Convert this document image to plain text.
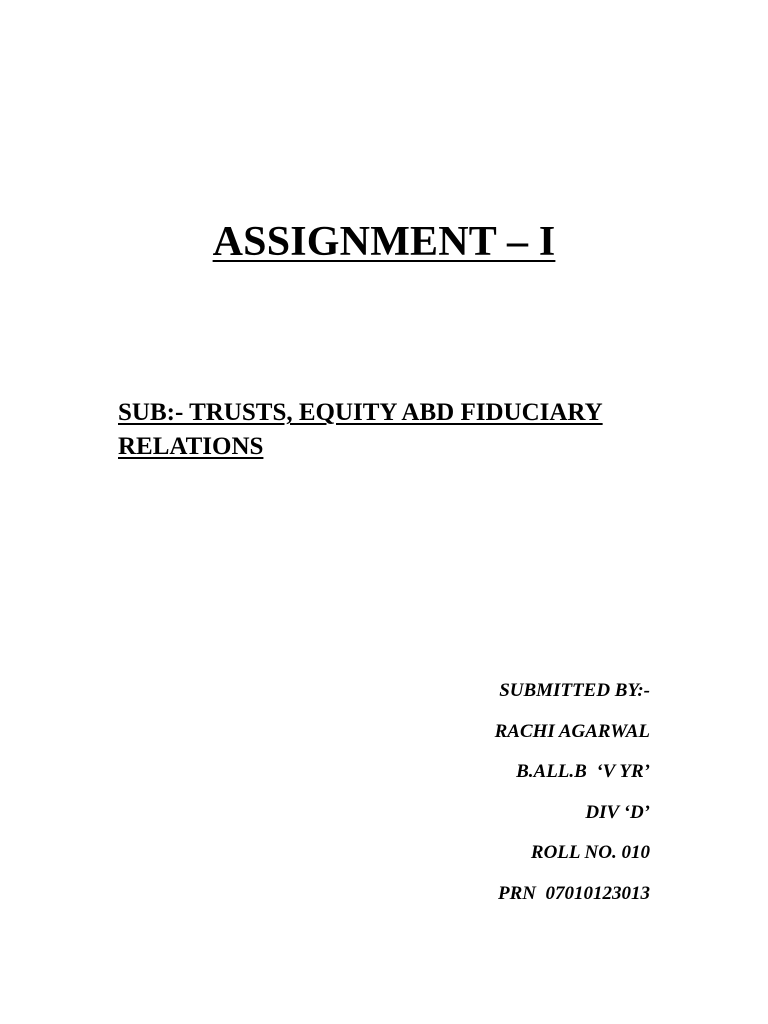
ASSIGNMENT – I
SUB:- TRUSTS, EQUITY ABD FIDUCIARY
RELATIONS
SUBMITTED BY:-
RACHI AGARWAL
B.ALL.B  ‘V YR’
DIV ‘D’
ROLL NO. 010
PRN  07010123013
